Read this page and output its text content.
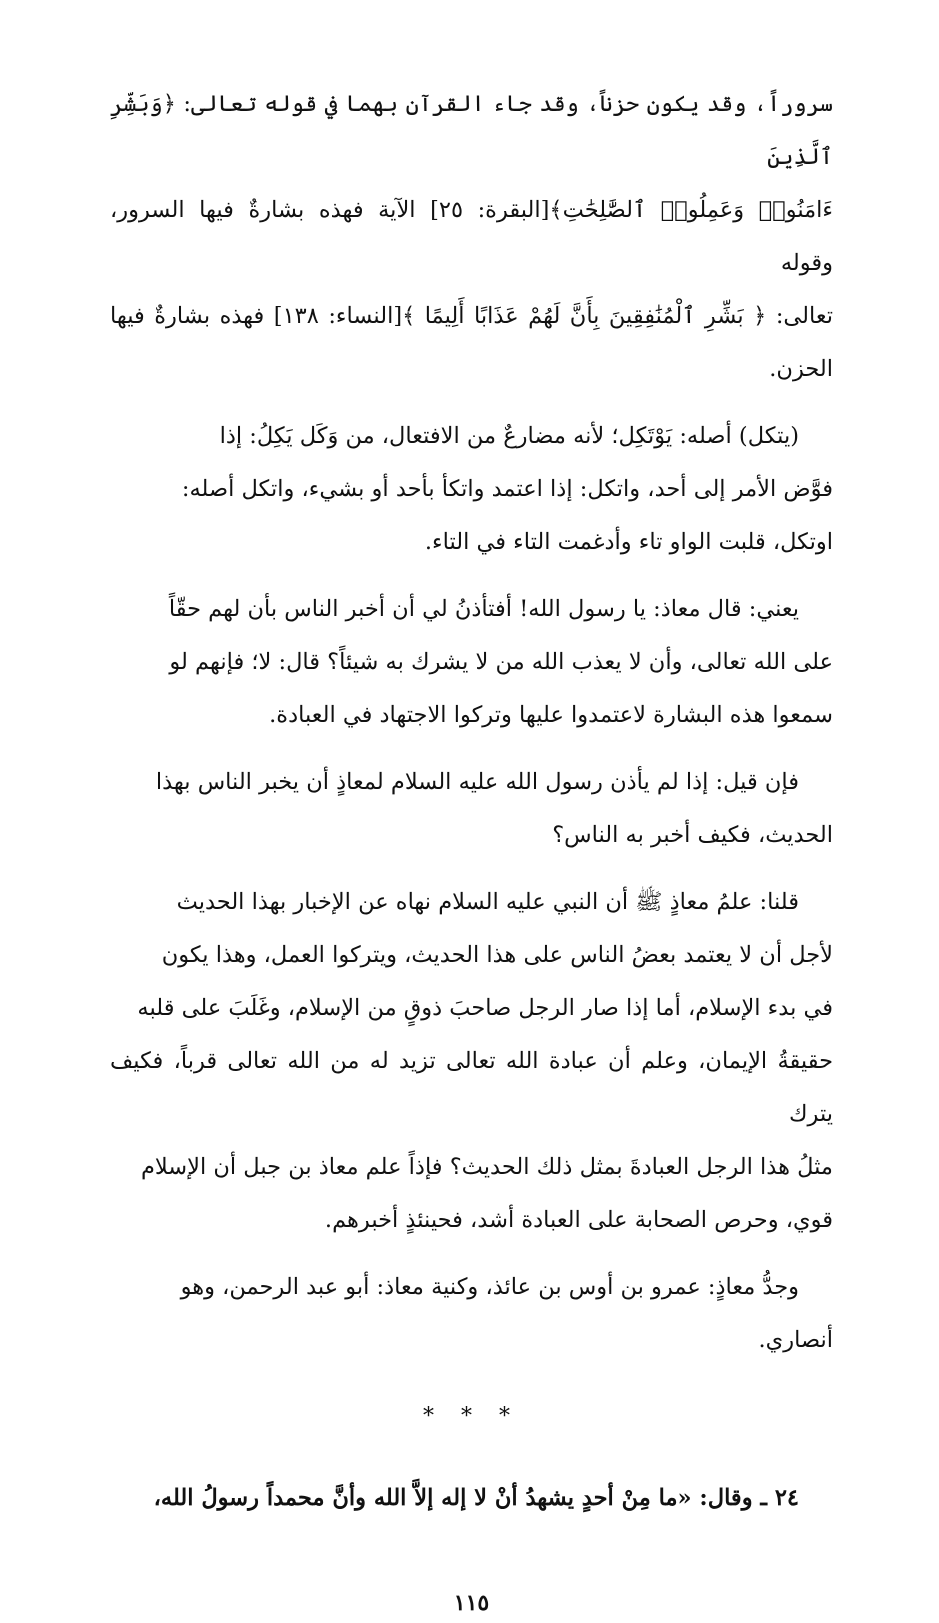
سروراً، وقد يكون حزناً، وقد جاء القرآن بهما في قوله تعالى: ﴿وَبَشِّرِ ٱلَّذِينَ
ءَامَنُوا۟ وَعَمِلُوا۟ ٱلصَّٰلِحَٰتِ﴾[البقرة: ٢٥] الآية فهذه بشارةٌ فيها السرور، وقوله
تعالى: ﴿ بَشِّرِ ٱلْمُنَٰفِقِينَ بِأَنَّ لَهُمْ عَذَابًا أَلِيمًا ﴾[النساء: ١٣٨] فهذه بشارةٌ فيها الحزن.

(يتكل) أصله: يَوْتَكِل؛ لأنه مضارعٌ من الافتعال، من وَكَل يَكِلُ: إذا
فوَّض الأمر إلى أحد، واتكل: إذا اعتمد واتكأ بأحد أو بشيء، واتكل أصله:
اوتكل، قلبت الواو تاء وأدغمت التاء في التاء.

يعني: قال معاذ: يا رسول الله! أفتأذنُ لي أن أخبر الناس بأن لهم حقّاً
على الله تعالى، وأن لا يعذب الله من لا يشرك به شيئاً؟ قال: لا؛ فإنهم لو
سمعوا هذه البشارة لاعتمدوا عليها وتركوا الاجتهاد في العبادة.

فإن قيل: إذا لم يأذن رسول الله عليه السلام لمعاذٍ أن يخبر الناس بهذا
الحديث، فكيف أخبر به الناس؟

قلنا: علمُ معاذٍ ﷺ أن النبي عليه السلام نهاه عن الإخبار بهذا الحديث
لأجل أن لا يعتمد بعضُ الناس على هذا الحديث، ويتركوا العمل، وهذا يكون
في بدء الإسلام، أما إذا صار الرجل صاحبَ ذوقٍ من الإسلام، وغَلَبَ على قلبه
حقيقةُ الإيمان، وعلم أن عبادة الله تعالى تزيد له من الله تعالى قرباً، فكيف يترك
مثلُ هذا الرجل العبادةَ بمثل ذلك الحديث؟ فإذاً علم معاذ بن جبل أن الإسلام
قوي، وحرص الصحابة على العبادة أشد، فحينئذٍ أخبرهم.

وجدُّ معاذٍ: عمرو بن أوس بن عائذ، وكنية معاذ: أبو عبد الرحمن، وهو
أنصاري.

* * *

٢٤ ـ وقال: «ما مِنْ أحدٍ يشهدُ أنْ لا إله إلاَّ الله وأنَّ محمداً رسولُ الله،

١١٥
